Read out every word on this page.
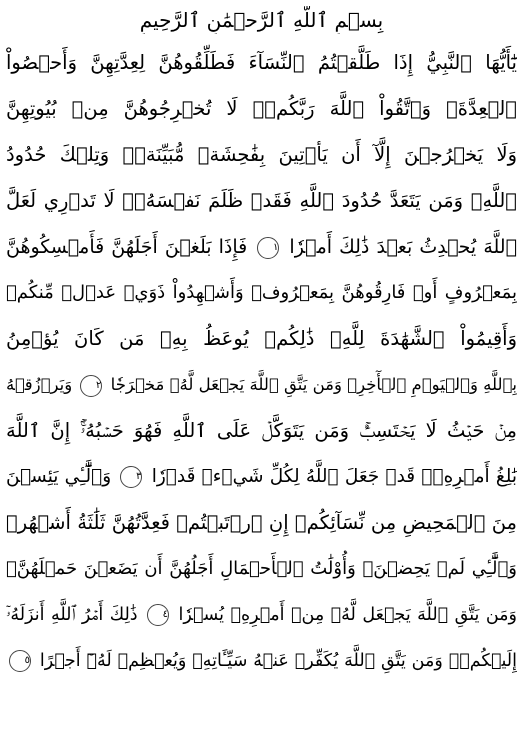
بِسۡمِ ٱللَّهِ ٱلرَّحۡمَٰنِ ٱلرَّحِيمِ
يَٰٓأَيُّهَا ٱلنَّبِيُّ إِذَا طَلَّقۡتُمُ ٱلنِّسَآءَ فَطَلِّقُوهُنَّ لِعِدَّتِهِنَّ وَأَحۡصُواْ
ٱلۡعِدَّةَۖ وَٱتَّقُواْ ٱللَّهَ رَبَّكُمۡۖ لَا تُخۡرِجُوهُنَّ مِنۢ بُيُوتِهِنَّ
وَلَا يَخۡرُجۡنَ إِلَّآ أَن يَأۡتِينَ بِفَٰحِشَةٖ مُّبَيِّنَةٖۚ وَتِلۡكَ حُدُودُ
ٱللَّهِۚ وَمَن يَتَعَدَّ حُدُودَ ٱللَّهِ فَقَدۡ ظَلَمَ نَفۡسَهُۥۚ لَا تَدۡرِي لَعَلَّ
ٱللَّهَ يُحۡدِثُ بَعۡدَ ذَٰلِكَ أَمۡرٗا ١ فَإِذَا بَلَغۡنَ أَجَلَهُنَّ فَأَمۡسِكُوهُنَّ
بِمَعۡرُوفٍ أَوۡ فَارِقُوهُنَّ بِمَعۡرُوفٖ وَأَشۡهِدُواْ ذَوَيۡ عَدۡلٖ مِّنكُمۡ
وَأَقِيمُواْ ٱلشَّهَٰدَةَ لِلَّهِۚ ذَٰلِكُمۡ يُوعَظُ بِهِۦ مَن كَانَ يُؤۡمِنُ
بِٱللَّهِ وَٱلۡيَوۡمِ ٱلۡأٓخِرِۚ وَمَن يَتَّقِ ٱللَّهَ يَجۡعَل لَّهُۥ مَخۡرَجٗا ٢ وَيَرۡزُقۡهُ
مِنۡ حَيۡثُ لَا يَحۡتَسِبُۚ وَمَن يَتَوَكَّلۡ عَلَى ٱللَّهِ فَهُوَ حَسۡبُهُۥٓۚ إِنَّ ٱللَّهَ
بَٰلِغُ أَمۡرِهِۦۚ قَدۡ جَعَلَ ٱللَّهُ لِكُلِّ شَيۡءٖ قَدۡرٗا ٣ وَٱلَّٰٓـِٔي يَئِسۡنَ
مِنَ ٱلۡمَحِيضِ مِن نِّسَآئِكُمۡ إِنِ ٱرۡتَبۡتُمۡ فَعِدَّتُهُنَّ ثَلَٰثَةُ أَشۡهُرٖ
وَٱلَّٰٓـِٔي لَمۡ يَحِضۡنَۚ وَأُوْلَٰتُ ٱلۡأَحۡمَالِ أَجَلُهُنَّ أَن يَضَعۡنَ حَمۡلَهُنَّۚ
وَمَن يَتَّقِ ٱللَّهَ يَجۡعَل لَّهُۥ مِنۡ أَمۡرِهِۦ يُسۡرٗا ٤ ذَٰلِكَ أَمۡرُ ٱللَّهِ أَنزَلَهُۥٓ
إِلَيۡكُمۡۚ وَمَن يَتَّقِ ٱللَّهَ يُكَفِّرۡ عَنۡهُ سَيِّـَٔاتِهِۦ وَيُعۡظِمۡ لَهُۥٓ أَجۡرًا ٥
